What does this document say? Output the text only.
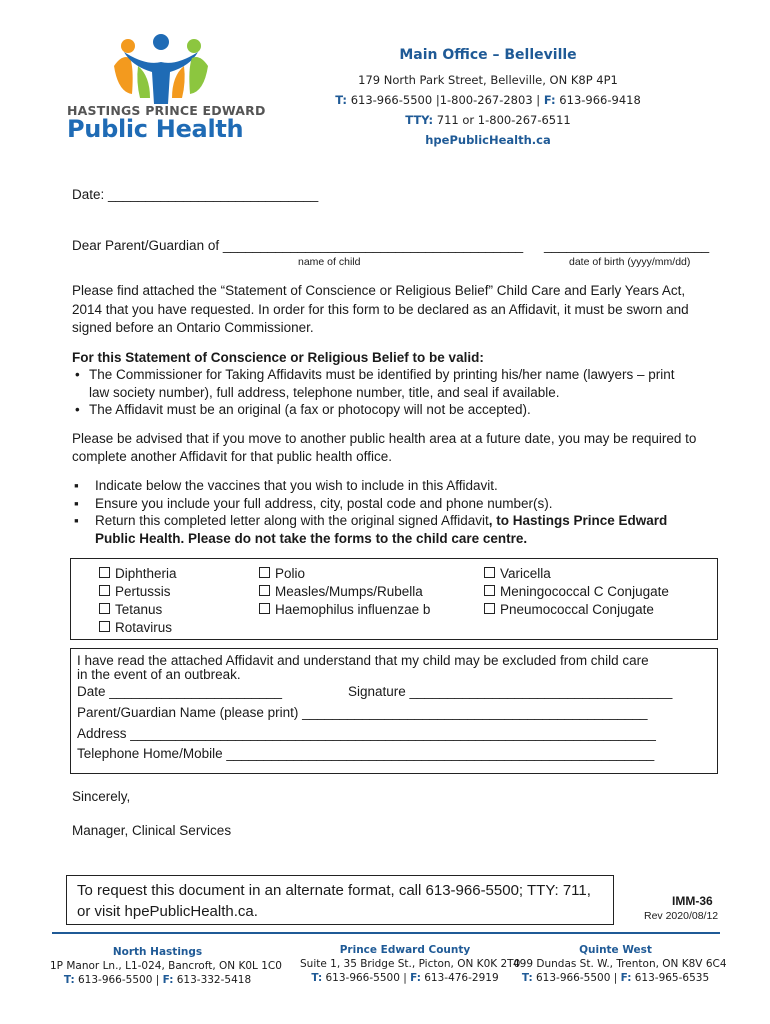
HASTINGS PRINCE EDWARD
Public Health
Main Office – Belleville
179 North Park Street, Belleville, ON K8P 4P1
T: 613-966-5500 |1-800-267-2803 | F: 613-966-9418
TTY: 711 or 1-800-267-6511
hpePublicHealth.ca
Date: ____________________________
Dear Parent/Guardian of ________________________________________ ______________________
name of child	date of birth (yyyy/mm/dd)
Please find attached the “Statement of Conscience or Religious Belief” Child Care and Early Years Act,
2014 that you have requested. In order for this form to be declared as an Affidavit, it must be sworn and
signed before an Ontario Commissioner.
For this Statement of Conscience or Religious Belief to be valid:
• The Commissioner for Taking Affidavits must be identified by printing his/her name (lawyers – print
law society number), full address, telephone number, title, and seal if available.
• The Affidavit must be an original (a fax or photocopy will not be accepted).
Please be advised that if you move to another public health area at a future date, you may be required to
complete another Affidavit for that public health office.
▪ Indicate below the vaccines that you wish to include in this Affidavit.
▪ Ensure you include your full address, city, postal code and phone number(s).
▪ Return this completed letter along with the original signed Affidavit, to Hastings Prince Edward
Public Health. Please do not take the forms to the child care centre.
Diphtheria
Pertussis
Tetanus
Rotavirus
Polio
Measles/Mumps/Rubella
Haemophilus influenzae b
Varicella
Meningococcal C Conjugate
Pneumococcal Conjugate
I have read the attached Affidavit and understand that my child may be excluded from child care
in the event of an outbreak.
Date _______________________	Signature ___________________________________
Parent/Guardian Name (please print) ______________________________________________
Address ______________________________________________________________________
Telephone Home/Mobile _________________________________________________________
Sincerely,
Manager, Clinical Services
To request this document in an alternate format, call 613-966-5500; TTY: 711,
or visit hpePublicHealth.ca.
IMM-36
Rev 2020/08/12
North Hastings
1P Manor Ln., L1-024, Bancroft, ON K0L 1C0
T: 613-966-5500 | F: 613-332-5418
Prince Edward County
Suite 1, 35 Bridge St., Picton, ON K0K 2T0
T: 613-966-5500 | F: 613-476-2919
Quinte West
499 Dundas St. W., Trenton, ON K8V 6C4
T: 613-966-5500 | F: 613-965-6535
